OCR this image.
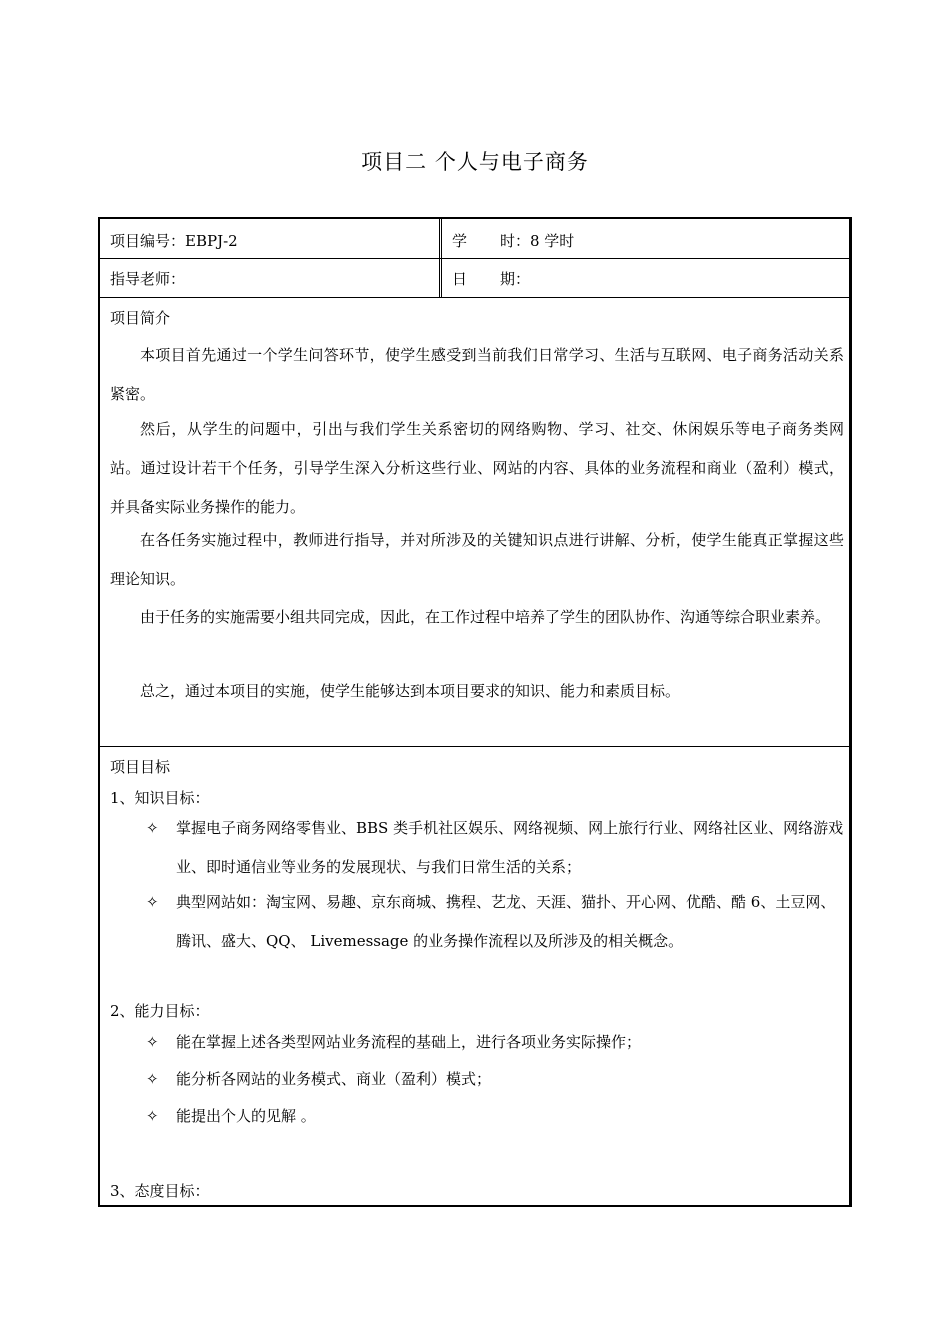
项目二 个人与电子商务
项目编号：EBPJ-2	学 时：8 学时
指导老师：	日 期：
项目简介
本项目首先通过一个学生问答环节，使学生感受到当前我们日常学习、生活与互联网、电子商务活动关系紧密。
然后，从学生的问题中，引出与我们学生关系密切的网络购物、学习、社交、休闲娱乐等电子商务类网站。通过设计若干个任务，引导学生深入分析这些行业、网站的内容、具体的业务流程和商业（盈利）模式，并具备实际业务操作的能力。
在各任务实施过程中，教师进行指导，并对所涉及的关键知识点进行讲解、分析，使学生能真正掌握这些理论知识。
由于任务的实施需要小组共同完成，因此，在工作过程中培养了学生的团队协作、沟通等综合职业素养。
总之，通过本项目的实施，使学生能够达到本项目要求的知识、能力和素质目标。
项目目标
1、知识目标：
✧ 掌握电子商务网络零售业、BBS 类手机社区娱乐、网络视频、网上旅行行业、网络社区业、网络游戏业、即时通信业等业务的发展现状、与我们日常生活的关系；
✧ 典型网站如：淘宝网、易趣、京东商城、携程、艺龙、天涯、猫扑、开心网、优酷、酷 6、土豆网、腾讯、盛大、QQ、 Livemessage 的业务操作流程以及所涉及的相关概念。
2、能力目标：
✧ 能在掌握上述各类型网站业务流程的基础上，进行各项业务实际操作；
✧ 能分析各网站的业务模式、商业（盈利）模式；
✧ 能提出个人的见解 。
3、态度目标：
